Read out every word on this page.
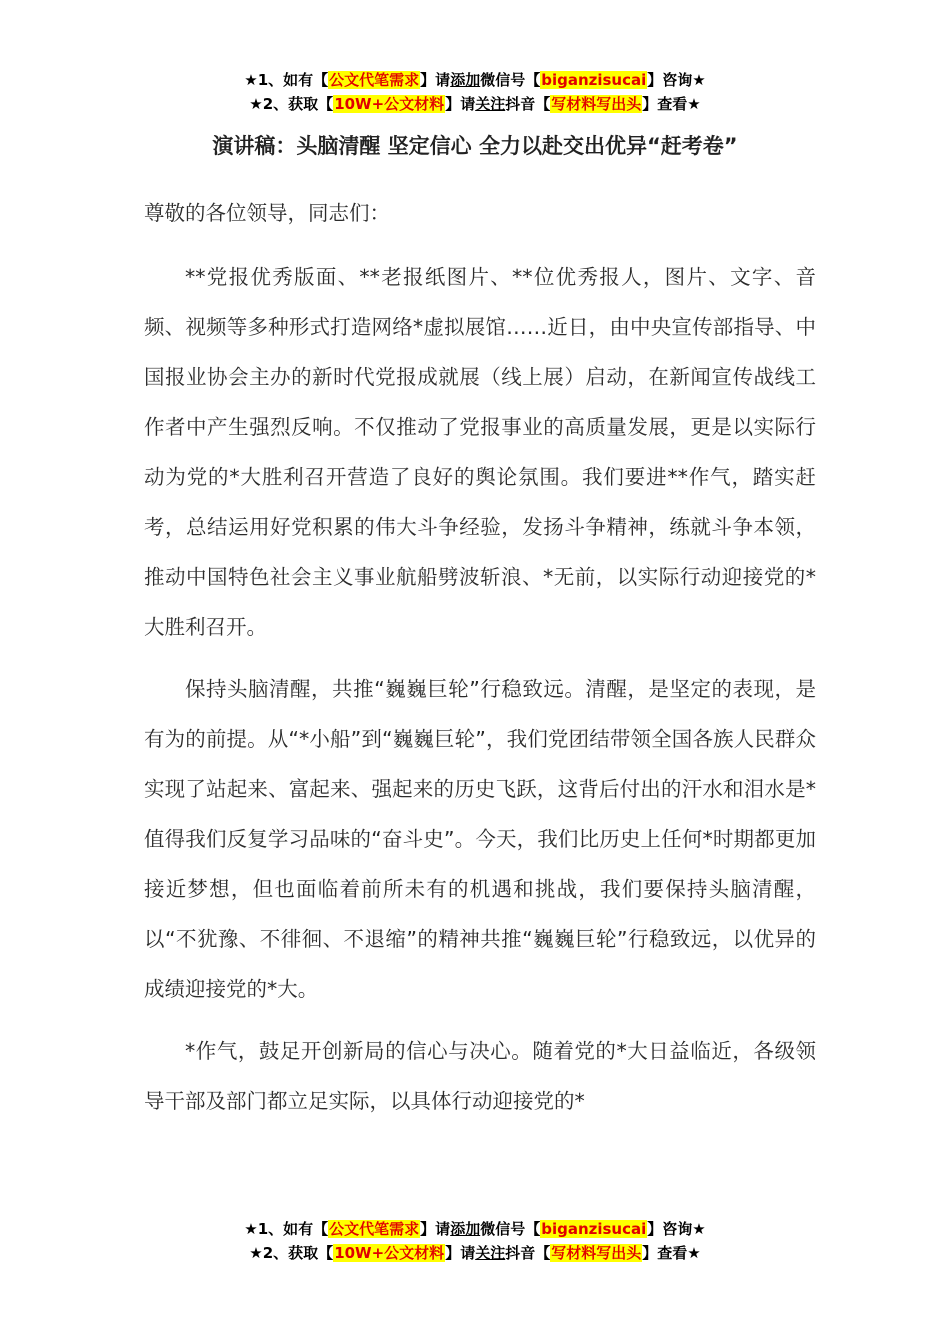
★1、如有【公文代笔需求】请添加微信号【biganzisucai】咨询★
★2、获取【10W+公文材料】请关注抖音【写材料写出头】查看★
演讲稿：头脑清醒 坚定信心 全力以赴交出优异“赶考卷”

尊敬的各位领导，同志们：

**党报优秀版面、**老报纸图片、**位优秀报人，图片、文字、音频、视频等多种形式打造网络*虚拟展馆……近日，由中央宣传部指导、中国报业协会主办的新时代党报成就展（线上展）启动，在新闻宣传战线工作者中产生强烈反响。不仅推动了党报事业的高质量发展，更是以实际行动为党的*大胜利召开营造了良好的舆论氛围。我们要进**作气，踏实赶考，总结运用好党积累的伟大斗争经验，发扬斗争精神，练就斗争本领，推动中国特色社会主义事业航船劈波斩浪、*无前，以实际行动迎接党的*大胜利召开。

保持头脑清醒，共推“巍巍巨轮”行稳致远。清醒，是坚定的表现，是有为的前提。从“*小船”到“巍巍巨轮”，我们党团结带领全国各族人民群众实现了站起来、富起来、强起来的历史飞跃，这背后付出的汗水和泪水是*值得我们反复学习品味的“奋斗史”。今天，我们比历史上任何*时期都更加接近梦想，但也面临着前所未有的机遇和挑战，我们要保持头脑清醒，以“不犹豫、不徘徊、不退缩”的精神共推“巍巍巨轮”行稳致远，以优异的成绩迎接党的*大。

*作气，鼓足开创新局的信心与决心。随着党的*大日益临近，各级领导干部及部门都立足实际，以具体行动迎接党的*

★1、如有【公文代笔需求】请添加微信号【biganzisucai】咨询★
★2、获取【10W+公文材料】请关注抖音【写材料写出头】查看★
